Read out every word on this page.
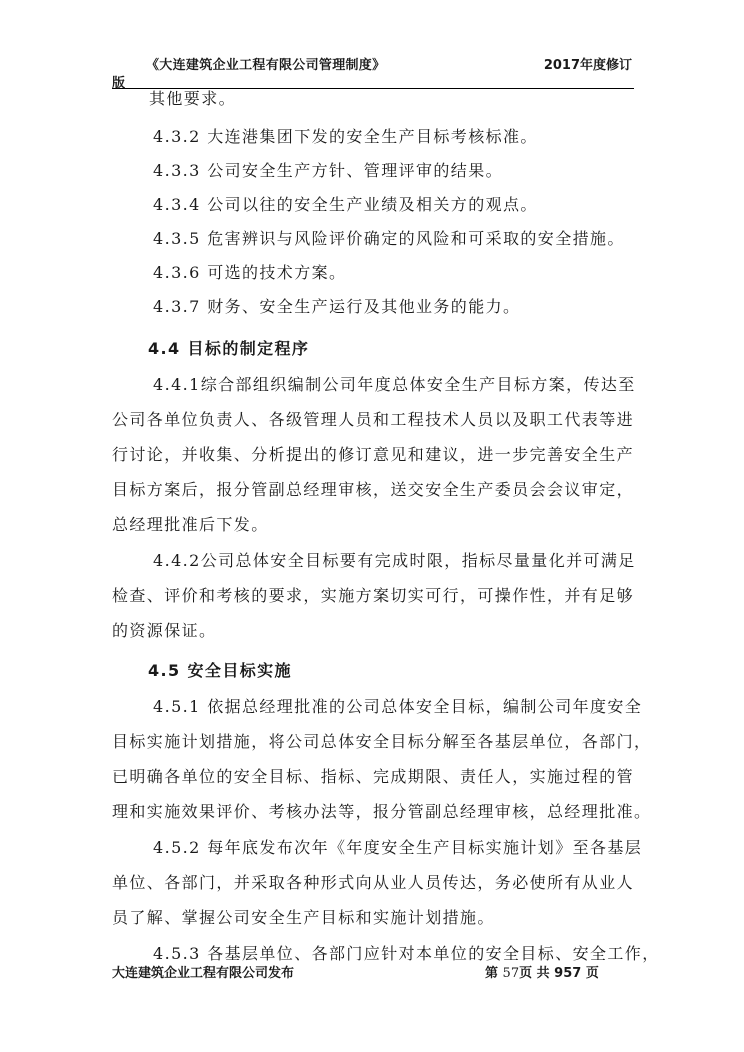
《大连建筑企业工程有限公司管理制度》	2017年度修订
版
其他要求。
4.3.2 大连港集团下发的安全生产目标考核标准。
4.3.3 公司安全生产方针、管理评审的结果。
4.3.4 公司以往的安全生产业绩及相关方的观点。
4.3.5 危害辨识与风险评价确定的风险和可采取的安全措施。
4.3.6 可选的技术方案。
4.3.7 财务、安全生产运行及其他业务的能力。
4.4 目标的制定程序
4.4.1综合部组织编制公司年度总体安全生产目标方案，传达至
公司各单位负责人、各级管理人员和工程技术人员以及职工代表等进
行讨论，并收集、分析提出的修订意见和建议，进一步完善安全生产
目标方案后，报分管副总经理审核，送交安全生产委员会会议审定，
总经理批准后下发。
4.4.2公司总体安全目标要有完成时限，指标尽量量化并可满足
检查、评价和考核的要求，实施方案切实可行，可操作性，并有足够
的资源保证。
4.5 安全目标实施
4.5.1 依据总经理批准的公司总体安全目标，编制公司年度安全
目标实施计划措施，将公司总体安全目标分解至各基层单位，各部门，
已明确各单位的安全目标、指标、完成期限、责任人，实施过程的管
理和实施效果评价、考核办法等，报分管副总经理审核，总经理批准。
4.5.2 每年底发布次年《年度安全生产目标实施计划》至各基层
单位、各部门，并采取各种形式向从业人员传达，务必使所有从业人
员了解、掌握公司安全生产目标和实施计划措施。
4.5.3 各基层单位、各部门应针对本单位的安全目标、安全工作，
大连建筑企业工程有限公司发布	第 57页 共 957 页
